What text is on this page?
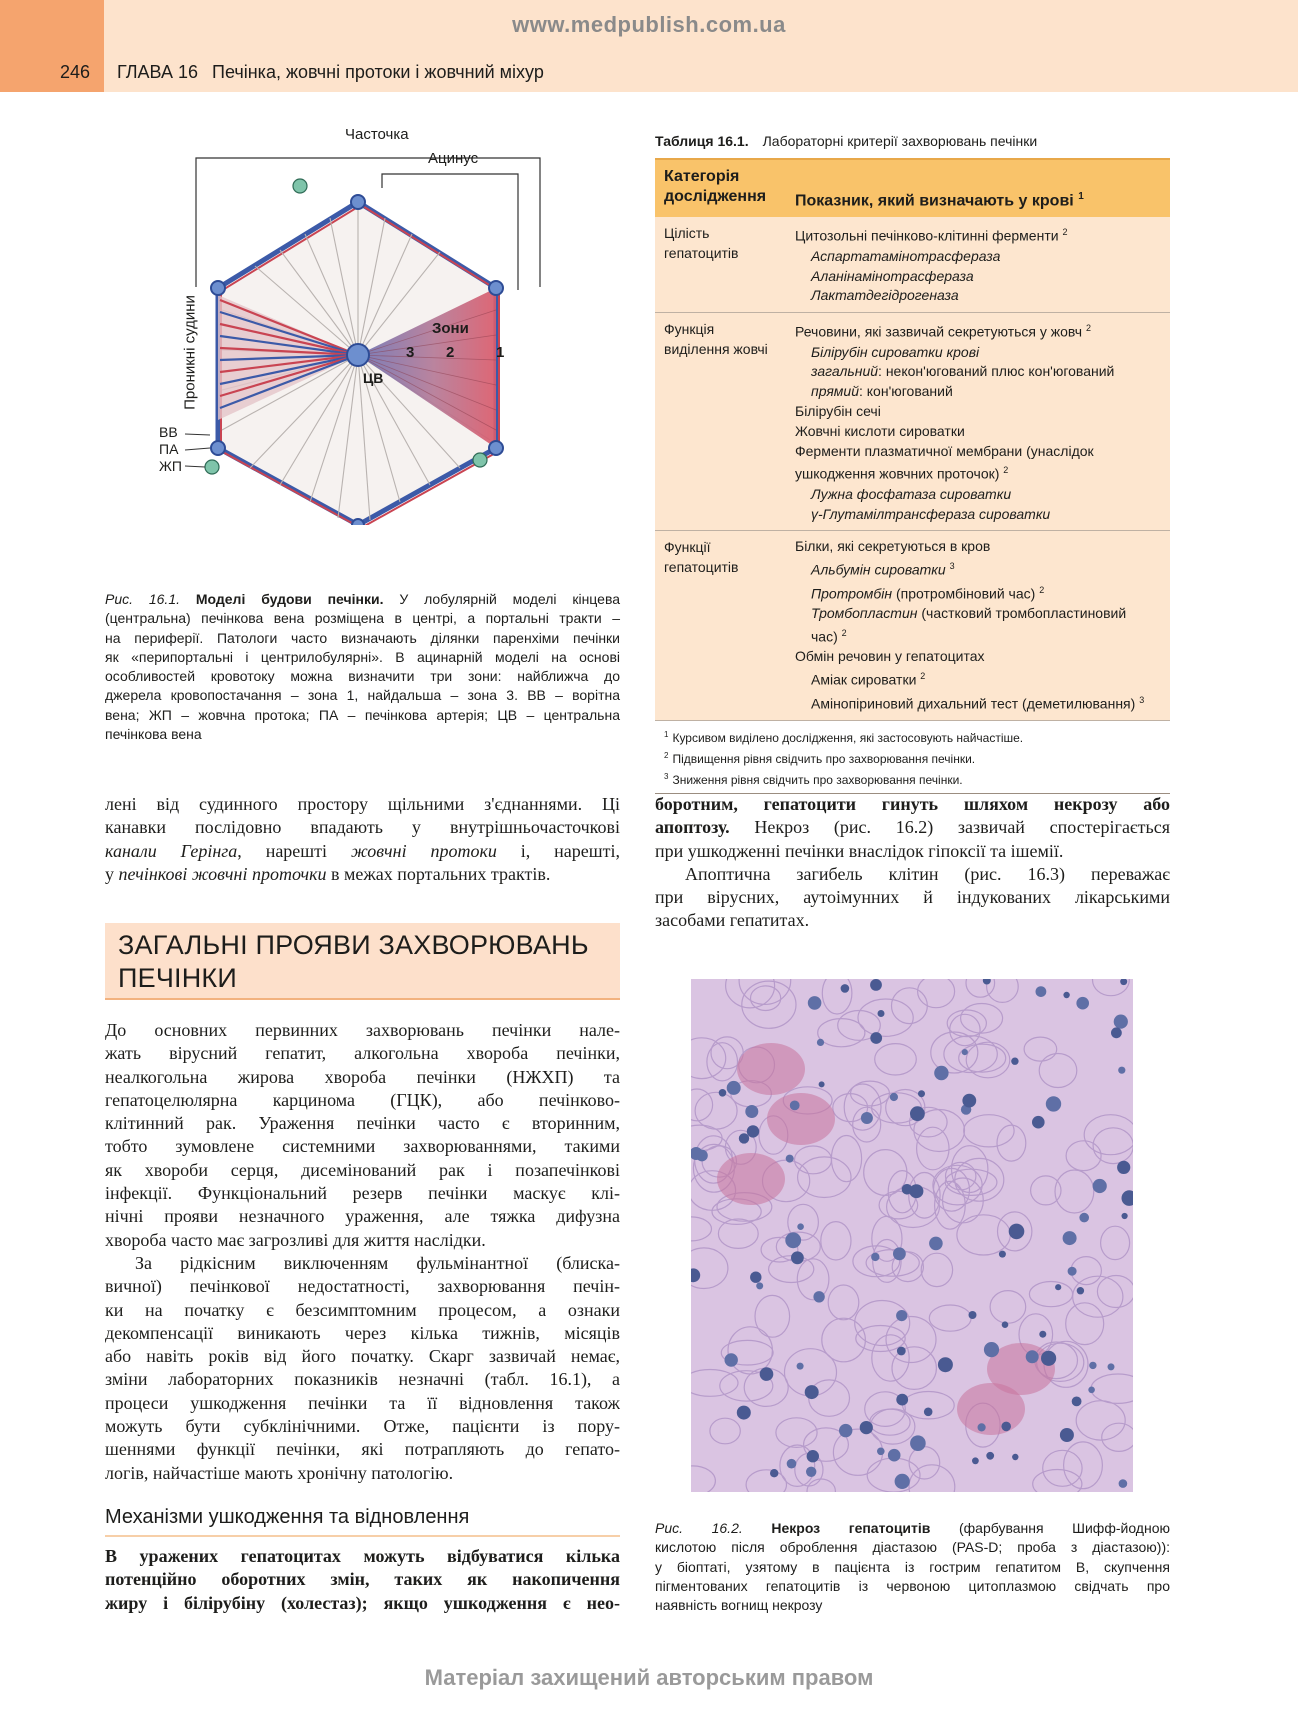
www.medpublish.com.ua
246 ГЛАВА 16 Печінка, жовчні протоки і жовчний міхур
Часточка
Ацинус
Зони
3 2	1
ЦВ
Проникні судини
ВВ
ПА
ЖП
Рис. 16.1. Моделі будови печінки. У лобулярній моделі кінцева
(центральна) печінкова вена розміщена в центрі, а портальні тракти –
на периферії. Патологи часто визначають ділянки паренхіми печінки
як «перипортальні і центрилобулярні». В ацинарній моделі на основі
особливостей кровотоку можна визначити три зони: найближча до
джерела кровопостачання – зона 1, найдальша – зона 3. ВВ – ворітна
вена; ЖП – жовчна протока; ПА – печінкова артерія; ЦВ – центральна
печінкова вена
Таблиця 16.1. Лабораторні критерії захворювань печінки
Категорія
дослідження	Показник, який визначають у крові $^1$
Цілість
гепатоцитів
Цитозольні печінково-клітинні ферменти $^2$
Аспартатамінотрасфераза
Аланінамінотрасфераза
Лактатдегідрогеназа
Функція
виділення жовчі
Речовини, які зазвичай секретуються у жовч $^2$
Білірубін сироватки крові
загальний: некон'югований плюс кон'югований
прямий: кон'югований
Білірубін сечі
Жовчні кислоти сироватки
Ферменти плазматичної мембрани (унаслідок
ушкодження жовчних проточок) $^2$
Лужна фосфатаза сироватки
γ-Глутамілтрансфераза сироватки
Функції
гепатоцитів
Білки, які секретуються в кров
Альбумін сироватки $^3$
Протромбін (протромбіновий час) $^2$
Тромбопластин (частковий тромбопластиновий
час) $^2$
Обмін речовин у гепатоцитах
Аміак сироватки $^2$
Амінопіриновий дихальний тест (деметилювання) $^3$
$^1$ Курсивом виділено дослідження, які застосовують найчастіше.
$^2$ Підвищення рівня свідчить про захворювання печінки.
$^3$ Зниження рівня свідчить про захворювання печінки.
лені від судинного простору щільними з'єднаннями. Ці
канавки послідовно впадають у внутрішньочасточкові
канали Герінга, нарешті жовчні протоки і, нарешті,
у печінкові жовчні проточки в межах портальних трактів.
ЗАГАЛЬНІ ПРОЯВИ ЗАХВОРЮВАНЬ
ПЕЧІНКИ
До основних первинних захворювань печінки нале-
жать вірусний гепатит, алкогольна хвороба печінки,
неалкогольна жирова хвороба печінки (НЖХП) та
гепатоцелюлярна карцинома (ГЦК), або печінково-
клітинний рак. Ураження печінки часто є вторинним,
тобто зумовлене системними захворюваннями, такими
як хвороби серця, дисемінований рак і позапечінкові
інфекції. Функціональний резерв печінки маскує клі-
нічні прояви незначного ураження, але тяжка дифузна
хвороба часто має загрозливі для життя наслідки.
За рідкісним виключенням фульмінантної (блиска-
вичної) печінкової недостатності, захворювання печін-
ки на початку є безсимптомним процесом, а ознаки
декомпенсації виникають через кілька тижнів, місяців
або навіть років від його початку. Скарг зазвичай немає,
зміни лабораторних показників незначні (табл. 16.1), а
процеси ушкодження печінки та її відновлення також
можуть бути субклінічними. Отже, пацієнти із пору-
шеннями функції печінки, які потрапляють до гепато-
логів, найчастіше мають хронічну патологію.
Механізми ушкодження та відновлення
В уражених гепатоцитах можуть відбуватися кілька
потенційно оборотних змін, таких як накопичення
жиру і білірубіну (холестаз); якщо ушкодження є нео-
боротним, гепатоцити гинуть шляхом некрозу або
апоптозу. Некроз (рис. 16.2) зазвичай спостерігається
при ушкодженні печінки внаслідок гіпоксії та ішемії.
Апоптична загибель клітин (рис. 16.3) переважає
при вірусних, аутоімунних й індукованих лікарськими
засобами гепатитах.
Рис. 16.2. Некроз гепатоцитів (фарбування Шифф-йодною
кислотою після оброблення діастазою (PAS-D; проба з діастазою)):
у біоптаті, узятому в пацієнта із гострим гепатитом В, скупчення
пігментованих гепатоцитів із червоною цитоплазмою свідчать про
наявність вогнищ некрозу
Матеріал захищений авторським правом
